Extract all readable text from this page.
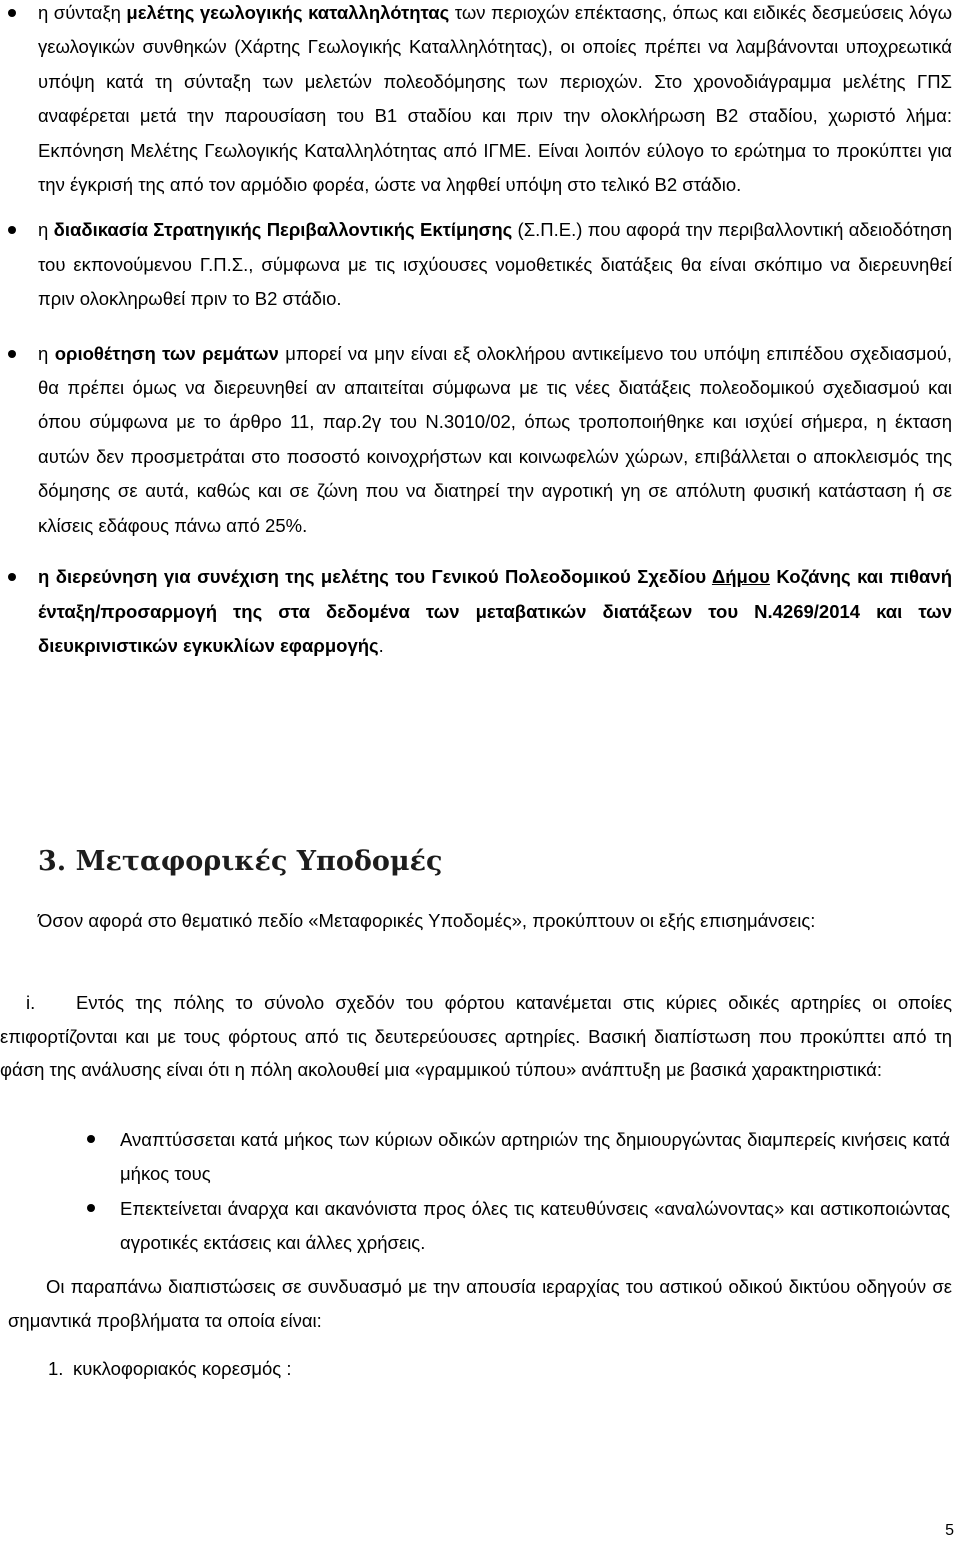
η σύνταξη μελέτης γεωλογικής καταλληλότητας των περιοχών επέκτασης, όπως και ειδικές δεσμεύσεις λόγω γεωλογικών συνθηκών (Χάρτης Γεωλογικής Καταλληλότητας), οι οποίες πρέπει να λαμβάνονται υποχρεωτικά υπόψη κατά τη σύνταξη των μελετών πολεοδόμησης των περιοχών. Στο χρονοδιάγραμμα μελέτης ΓΠΣ αναφέρεται μετά την παρουσίαση του Β1 σταδίου και πριν την ολοκλήρωση Β2 σταδίου, χωριστό λήμα: Εκπόνηση Μελέτης Γεωλογικής Καταλληλότητας από ΙΓΜΕ. Είναι λοιπόν εύλογο το ερώτημα το προκύπτει για την έγκρισή της από τον αρμόδιο φορέα, ώστε να ληφθεί υπόψη στο τελικό Β2 στάδιο.
η διαδικασία Στρατηγικής Περιβαλλοντικής Εκτίμησης (Σ.Π.Ε.) που αφορά την περιβαλλοντική αδειοδότηση του εκπονούμενου Γ.Π.Σ., σύμφωνα με τις ισχύουσες νομοθετικές διατάξεις θα είναι σκόπιμο να διερευνηθεί πριν ολοκληρωθεί πριν το Β2 στάδιο.
η οριοθέτηση των ρεμάτων μπορεί να μην είναι εξ ολοκλήρου αντικείμενο του υπόψη επιπέδου σχεδιασμού, θα πρέπει όμως να διερευνηθεί αν απαιτείται σύμφωνα με τις νέες διατάξεις πολεοδομικού σχεδιασμού και όπου σύμφωνα με το άρθρο 11, παρ.2γ του Ν.3010/02, όπως τροποποιήθηκε και ισχύεί σήμερα, η έκταση αυτών δεν προσμετράται στο ποσοστό κοινοχρήστων και κοινωφελών χώρων, επιβάλλεται ο αποκλεισμός της δόμησης σε αυτά, καθώς και σε ζώνη που να διατηρεί την αγροτική γη σε απόλυτη φυσική κατάσταση ή σε κλίσεις εδάφους πάνω από 25%.
η διερεύνηση για συνέχιση της μελέτης του Γενικού Πολεοδομικού Σχεδίου Δήμου Κοζάνης και πιθανή ένταξη/προσαρμογή της στα δεδομένα των μεταβατικών διατάξεων του Ν.4269/2014 και των διευκρινιστικών εγκυκλίων εφαρμογής.
3. Μεταφορικές Υποδομές
Όσον αφορά στο θεματικό πεδίο «Μεταφορικές Υποδομές», προκύπτουν οι εξής επισημάνσεις:
i. Εντός της πόλης το σύνολο σχεδόν του φόρτου κατανέμεται στις κύριες οδικές αρτηρίες οι οποίες επιφορτίζονται και με τους φόρτους από τις δευτερεύουσες αρτηρίες. Βασική διαπίστωση που προκύπτει από τη φάση της ανάλυσης είναι ότι η πόλη ακολουθεί μια «γραμμικού τύπου» ανάπτυξη με βασικά χαρακτηριστικά:
Αναπτύσσεται κατά μήκος των κύριων οδικών αρτηριών της δημιουργώντας διαμπερείς κινήσεις κατά μήκος τους
Επεκτείνεται άναρχα και ακανόνιστα προς όλες τις κατευθύνσεις «αναλώνοντας» και αστικοποιώντας αγροτικές εκτάσεις και άλλες χρήσεις.
Οι παραπάνω διαπιστώσεις σε συνδυασμό με την απουσία ιεραρχίας του αστικού οδικού δικτύου οδηγούν σε σημαντικά προβλήματα τα οποία είναι:
1. κυκλοφοριακός κορεσμός :
5
